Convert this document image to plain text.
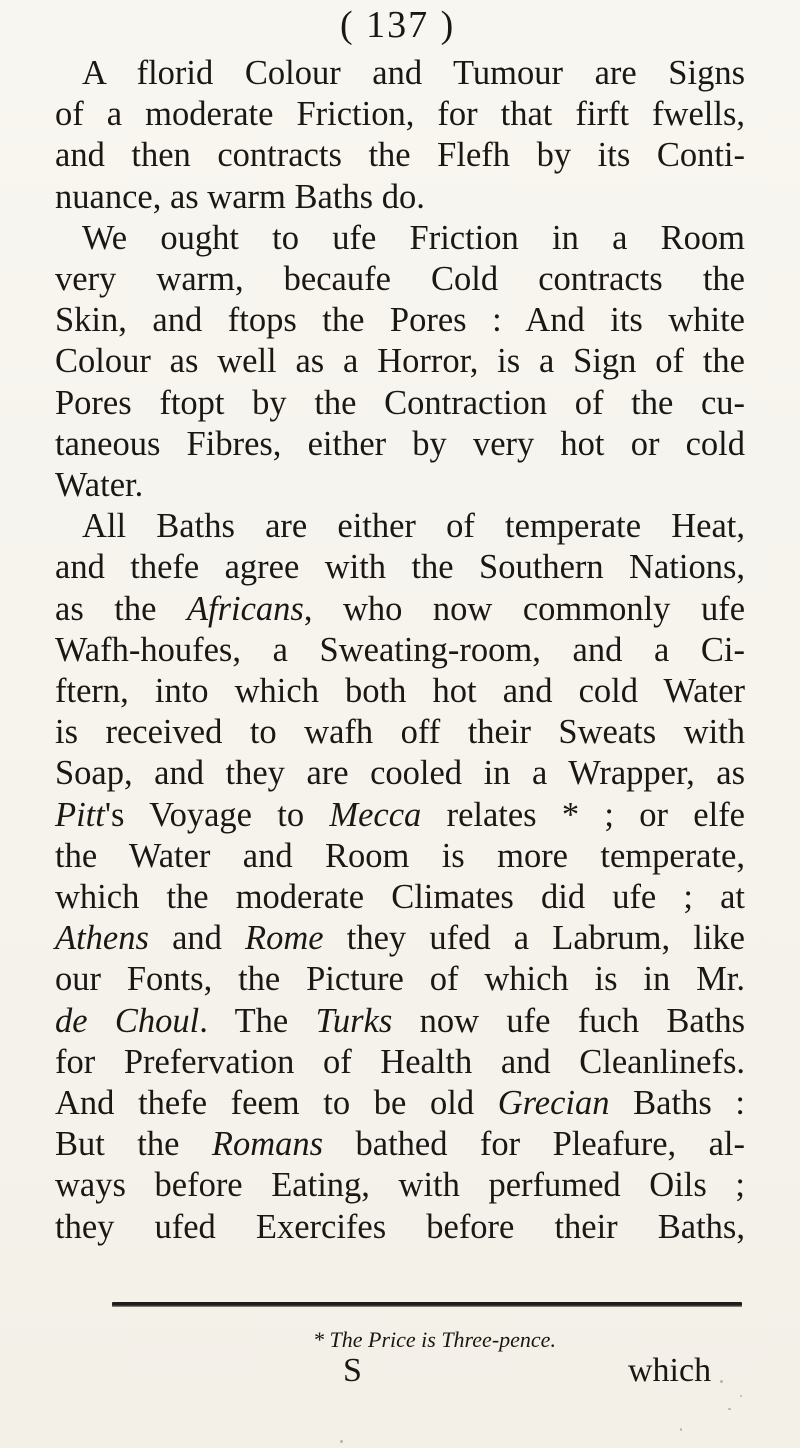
( 137 )
A florid Colour and Tumour are Signs
of a moderate Friction, for that firft fwells,
and then contracts the Flefh by its Conti-
nuance, as warm Baths do.
We ought to ufe Friction in a Room
very warm, becaufe Cold contracts the
Skin, and ftops the Pores : And its white
Colour as well as a Horror, is a Sign of the
Pores ftopt by the Contraction of the cu-
taneous Fibres, either by very hot or cold
Water.
All Baths are either of temperate Heat,
and thefe agree with the Southern Nations,
as the Africans, who now commonly ufe
Wafh-houfes, a Sweating-room, and a Ci-
ftern, into which both hot and cold Water
is received to wafh off their Sweats with
Soap, and they are cooled in a Wrapper, as
Pitt's Voyage to Mecca relates * ; or elfe
the Water and Room is more temperate,
which the moderate Climates did ufe ; at
Athens and Rome they ufed a Labrum, like
our Fonts, the Picture of which is in Mr.
de Choul. The Turks now ufe fuch Baths
for Prefervation of Health and Cleanlinefs.
And thefe feem to be old Grecian Baths :
But the Romans bathed for Pleafure, al-
ways before Eating, with perfumed Oils ;
they ufed Exercifes before their Baths,
* The Price is Three-pence.
S	which
